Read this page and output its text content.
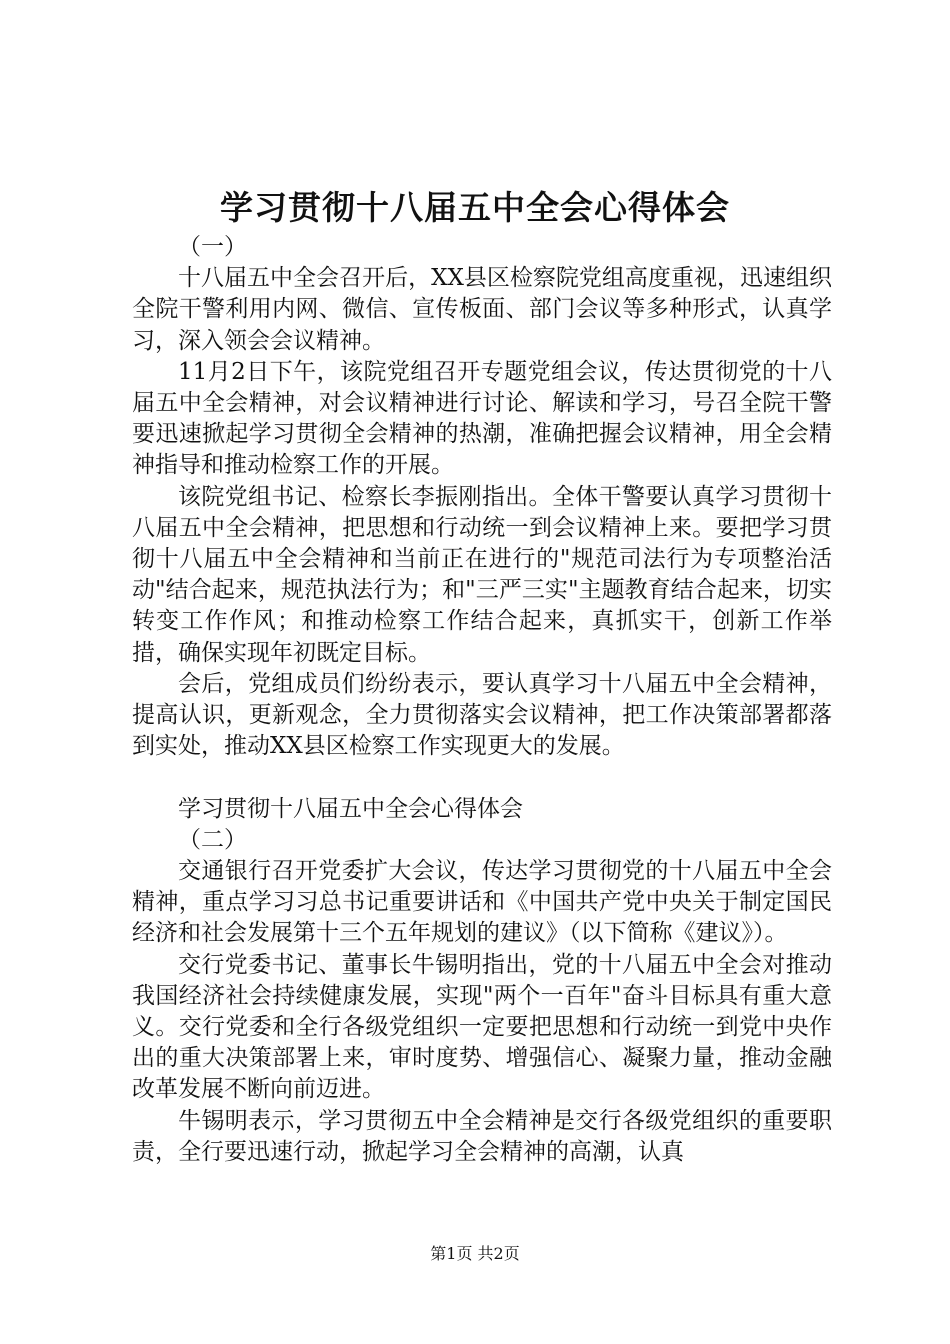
学习贯彻十八届五中全会心得体会

（一）

十八届五中全会召开后，XX县区检察院党组高度重视，迅速组织全院干警利用内网、微信、宣传板面、部门会议等多种形式，认真学习，深入领会会议精神。

11月2日下午，该院党组召开专题党组会议，传达贯彻党的十八届五中全会精神，对会议精神进行讨论、解读和学习，号召全院干警要迅速掀起学习贯彻全会精神的热潮，准确把握会议精神，用全会精神指导和推动检察工作的开展。

该院党组书记、检察长李振刚指出。全体干警要认真学习贯彻十八届五中全会精神，把思想和行动统一到会议精神上来。要把学习贯彻十八届五中全会精神和当前正在进行的"规范司法行为专项整治活动"结合起来，规范执法行为；和"三严三实"主题教育结合起来，切实转变工作作风；和推动检察工作结合起来，真抓实干，创新工作举措，确保实现年初既定目标。

会后，党组成员们纷纷表示，要认真学习十八届五中全会精神，提高认识，更新观念，全力贯彻落实会议精神，把工作决策部署都落到实处，推动XX县区检察工作实现更大的发展。

学习贯彻十八届五中全会心得体会

（二）

交通银行召开党委扩大会议，传达学习贯彻党的十八届五中全会精神，重点学习习总书记重要讲话和《中国共产党中央关于制定国民经济和社会发展第十三个五年规划的建议》（以下简称《建议》）。

交行党委书记、董事长牛锡明指出，党的十八届五中全会对推动我国经济社会持续健康发展，实现"两个一百年"奋斗目标具有重大意义。交行党委和全行各级党组织一定要把思想和行动统一到党中央作出的重大决策部署上来，审时度势、增强信心、凝聚力量，推动金融改革发展不断向前迈进。

牛锡明表示，学习贯彻五中全会精神是交行各级党组织的重要职责，全行要迅速行动，掀起学习全会精神的高潮，认真

第1页 共2页
